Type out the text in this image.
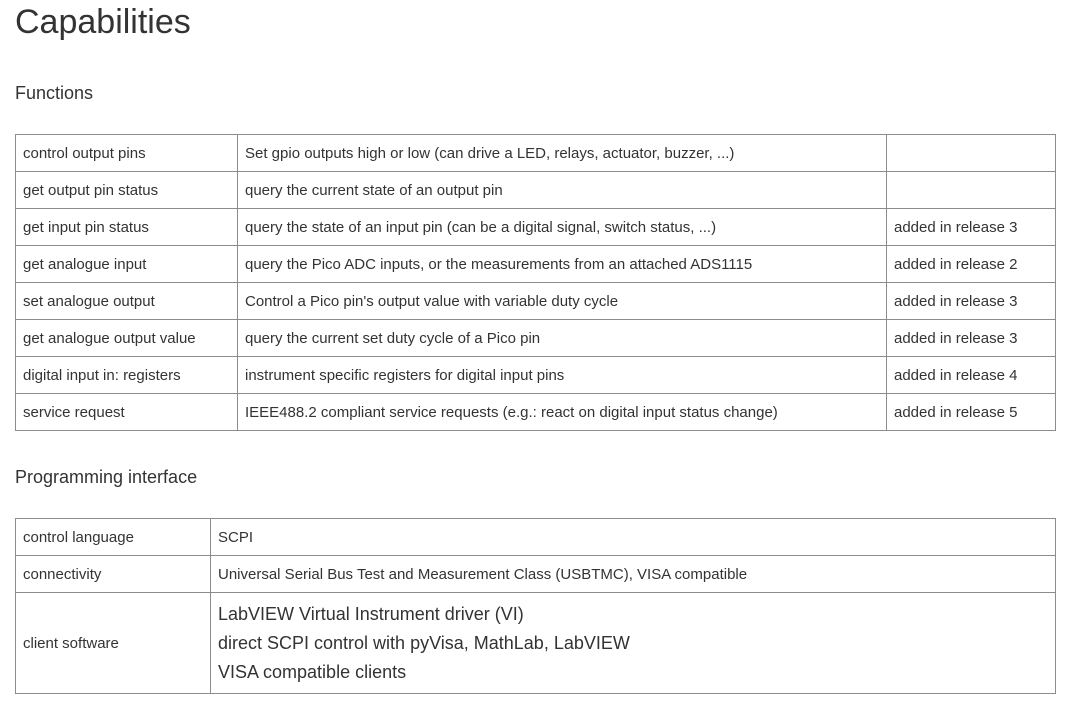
Capabilities
Functions
control output pins	Set gpio outputs high or low (can drive a LED, relays, actuator, buzzer, ...)	
get output pin status	query the current state of an output pin	
get input pin status	query the state of an input pin (can be a digital signal, switch status, ...)	added in release 3
get analogue input	query the Pico ADC inputs, or the measurements from an attached ADS1115	added in release 2
set analogue output	Control a Pico pin's output value with variable duty cycle	added in release 3
get analogue output value	query the current set duty cycle of a Pico pin	added in release 3
digital input in: registers	instrument specific registers for digital input pins	added in release 4
service request	IEEE488.2 compliant service requests (e.g.: react on digital input status change)	added in release 5
Programming interface
control language	SCPI
connectivity	Universal Serial Bus Test and Measurement Class (USBTMC), VISA compatible
client software	LabVIEW Virtual Instrument driver (VI)
direct SCPI control with pyVisa, MathLab, LabVIEW
VISA compatible clients
